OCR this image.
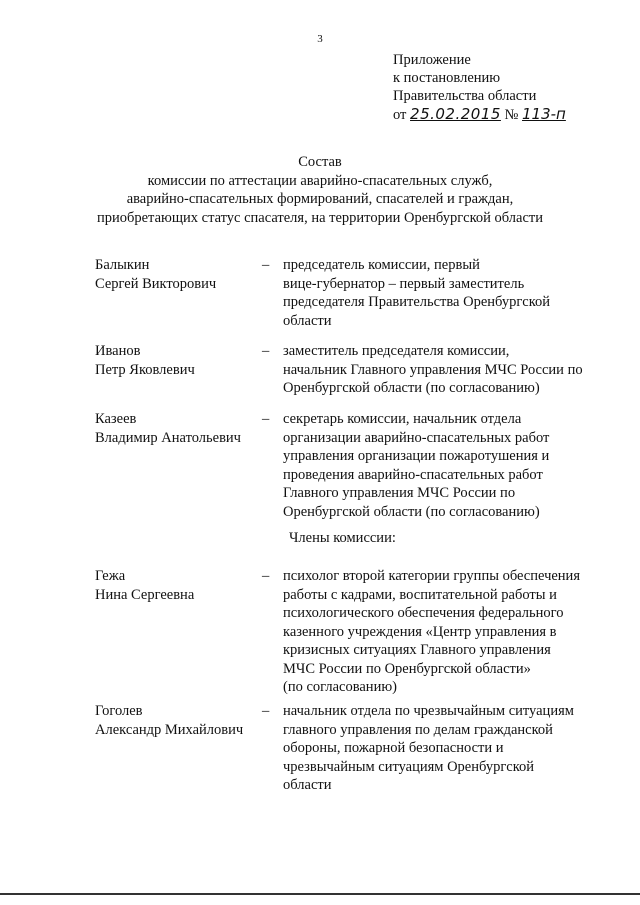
3
Приложение
к постановлению
Правительства области
от 25.02.2015 № 113-п
Состав
комиссии по аттестации аварийно-спасательных служб,
аварийно-спасательных формирований, спасателей и граждан,
приобретающих статус спасателя, на территории Оренбургской области
Балыкин
Сергей Викторович
– председатель комиссии, первый
вице-губернатор – первый заместитель
председателя Правительства Оренбургской
области
Иванов
Петр Яковлевич
– заместитель председателя комиссии,
начальник Главного управления МЧС России по
Оренбургской области (по согласованию)
Казеев
Владимир Анатольевич
– секретарь комиссии, начальник отдела
организации аварийно-спасательных работ
управления организации пожаротушения и
проведения аварийно-спасательных работ
Главного управления МЧС России по
Оренбургской области (по согласованию)
Члены комиссии:
Гежа
Нина Сергеевна
– психолог второй категории группы обеспечения
работы с кадрами, воспитательной работы и
психологического обеспечения федерального
казенного учреждения «Центр управления в
кризисных ситуациях Главного управления
МЧС России по Оренбургской области»
(по согласованию)
Гоголев
Александр Михайлович
– начальник отдела по чрезвычайным ситуациям
главного управления по делам гражданской
обороны, пожарной безопасности и
чрезвычайным ситуациям Оренбургской
области
